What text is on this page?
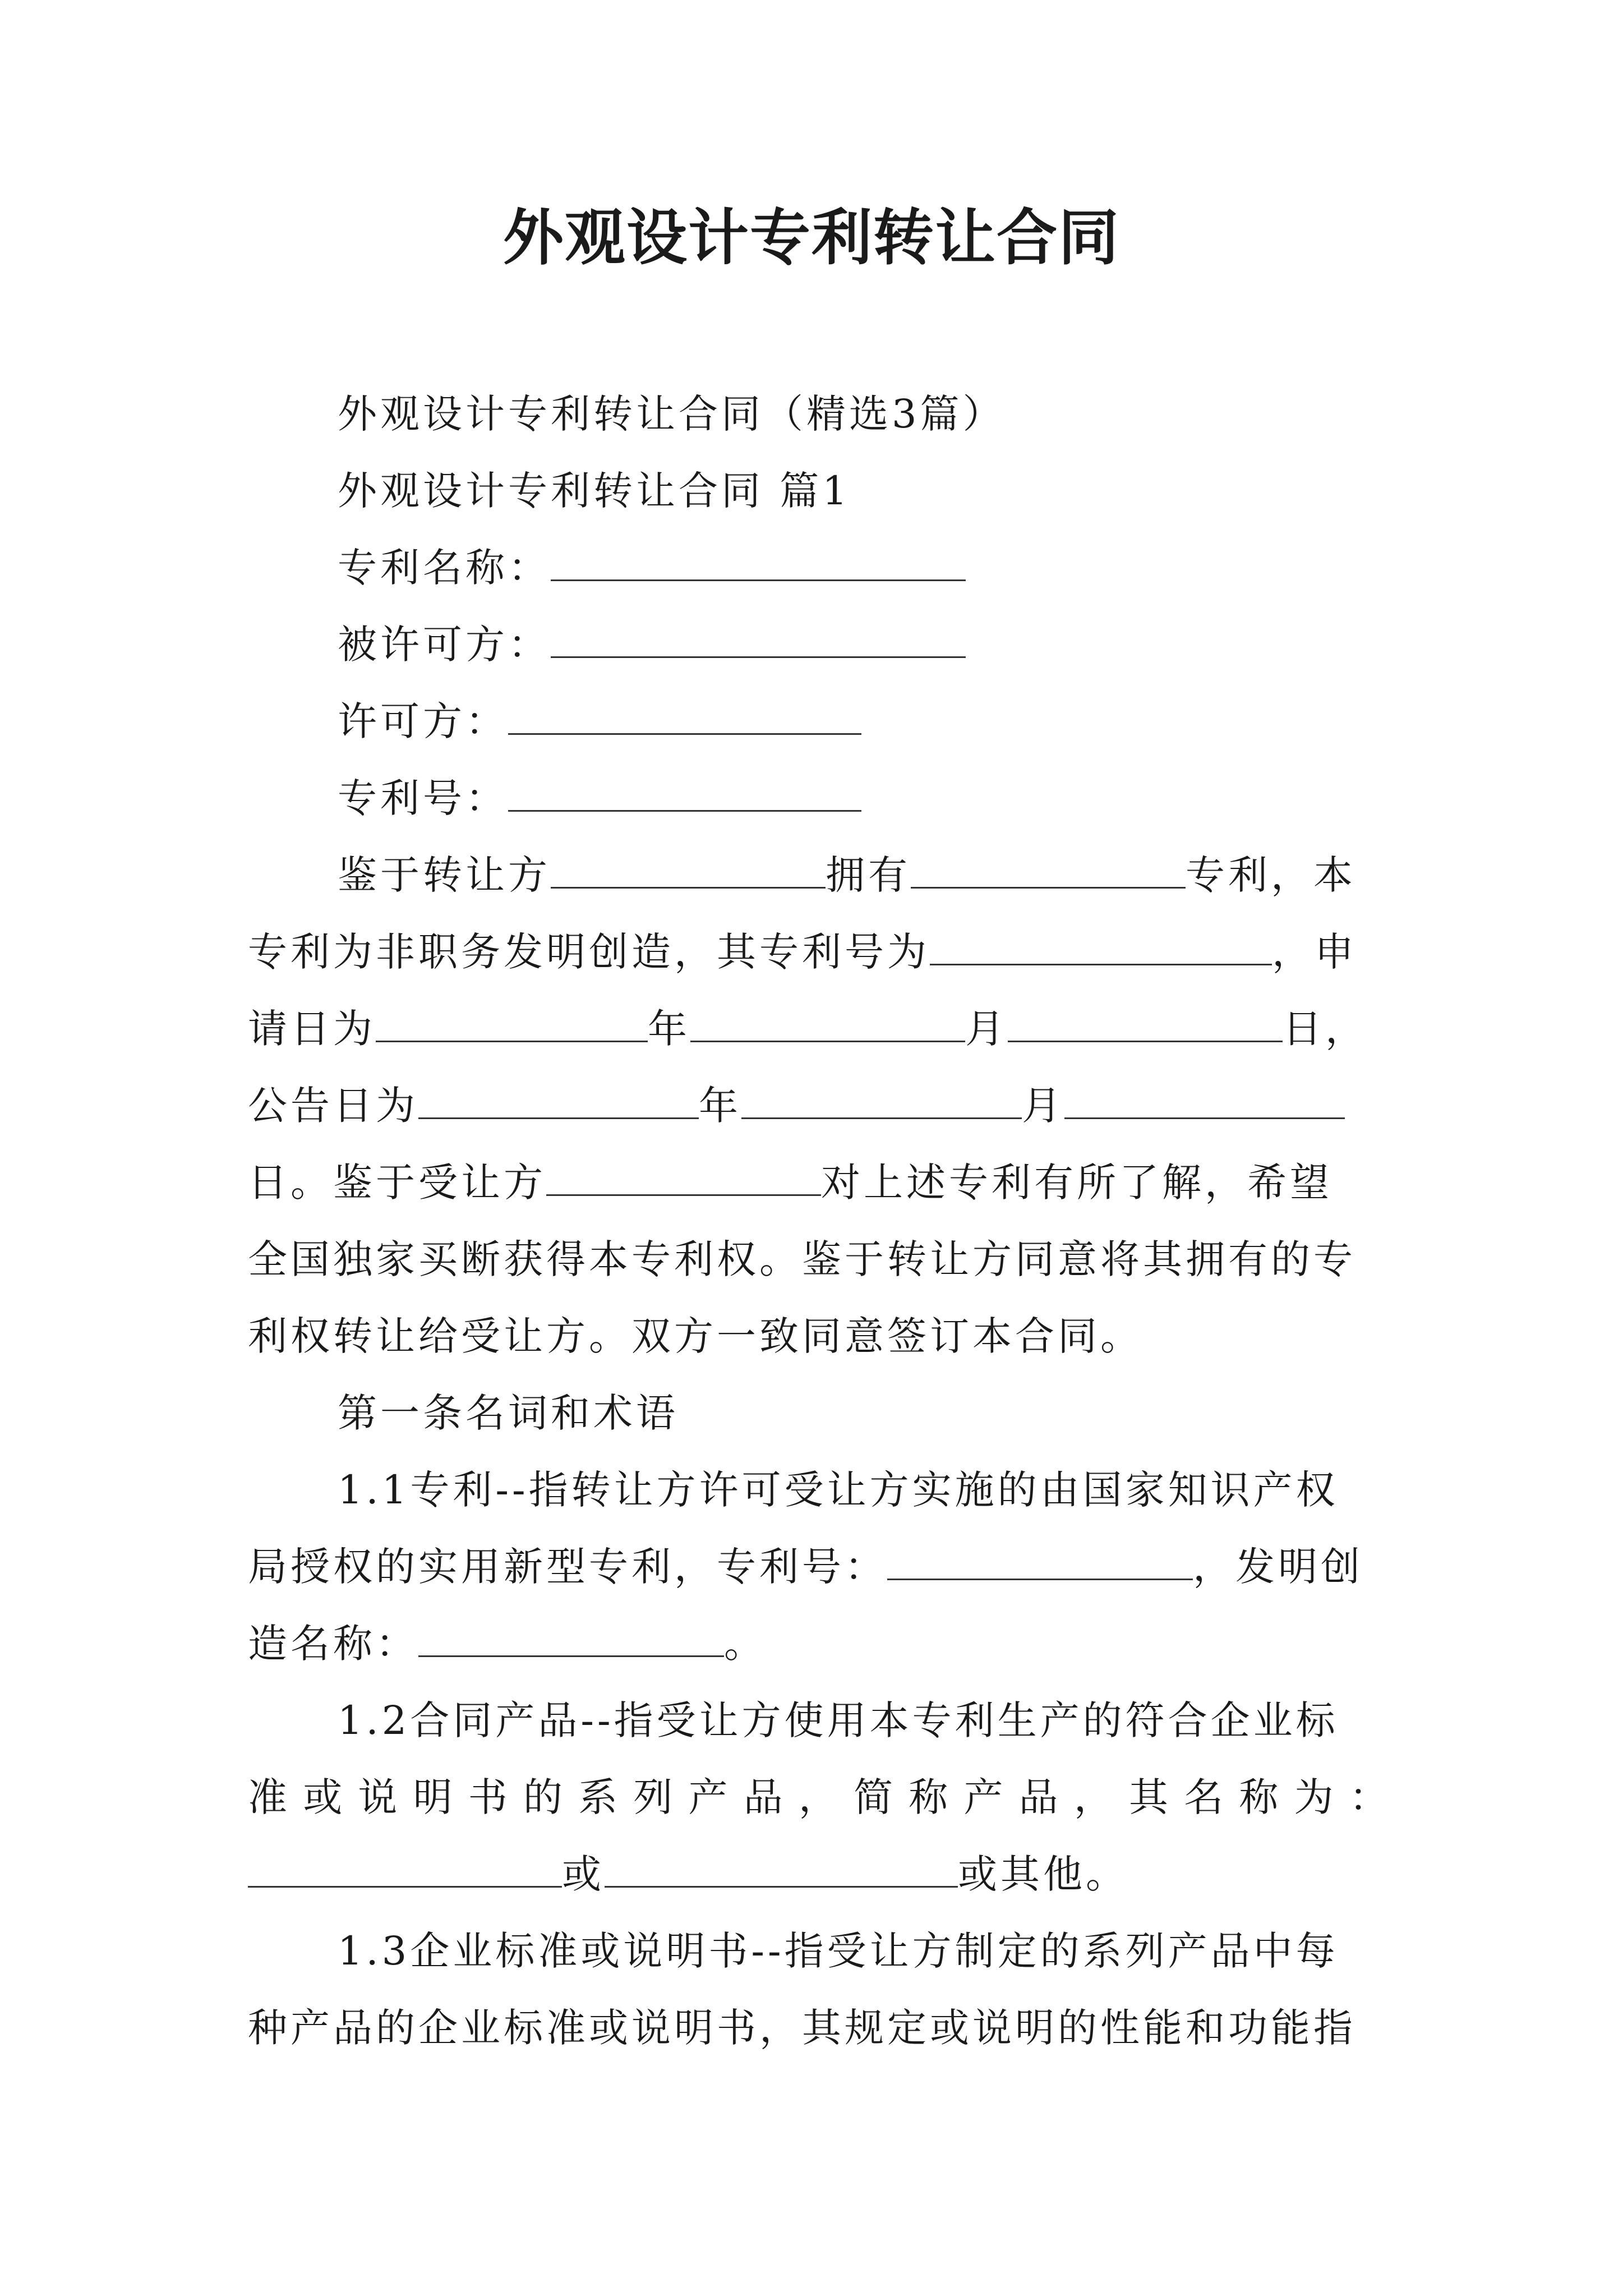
外观设计专利转让合同
外观设计专利转让合同（精选3篇）
外观设计专利转让合同 篇1
专利名称：
被许可方：
许可方：
专利号：
鉴于转让方	拥有	专利，本
专利为非职务发明创造，其专利号为	，申
请日为	年	月	日，
公告日为	年	月
日。鉴于受让方	对上述专利有所了解，希望
全国独家买断获得本专利权。鉴于转让方同意将其拥有的专
利权转让给受让方。双方一致同意签订本合同。
第一条名词和术语
1.1专利--指转让方许可受让方实施的由国家知识产权
局授权的实用新型专利，专利号：	，发明创
造名称：	。
1.2合同产品--指受让方使用本专利生产的符合企业标
准 或 说 明 书 的 系 列 产 品 ， 简 称 产 品 ， 其 名 称 为 ：
或	或其他。
1.3企业标准或说明书--指受让方制定的系列产品中每
种产品的企业标准或说明书，其规定或说明的性能和功能指
